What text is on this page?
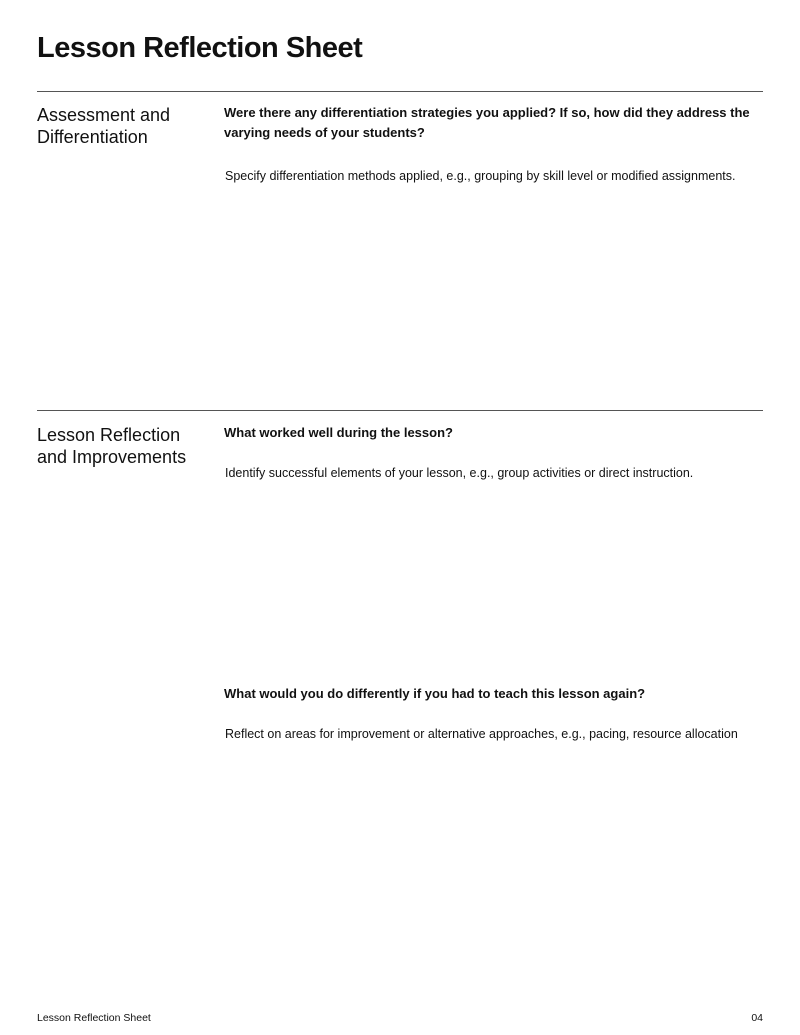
Lesson Reflection Sheet
Assessment and Differentiation

Were there any differentiation strategies you applied? If so, how did they address the varying needs of your students?

Specify differentiation methods applied, e.g., grouping by skill level or modified assignments.

Lesson Reflection and Improvements

What worked well during the lesson?

Identify successful elements of your lesson, e.g., group activities or direct instruction.

What would you do differently if you had to teach this lesson again?

Reflect on areas for improvement or alternative approaches, e.g., pacing, resource allocation

Lesson Reflection Sheet	04
